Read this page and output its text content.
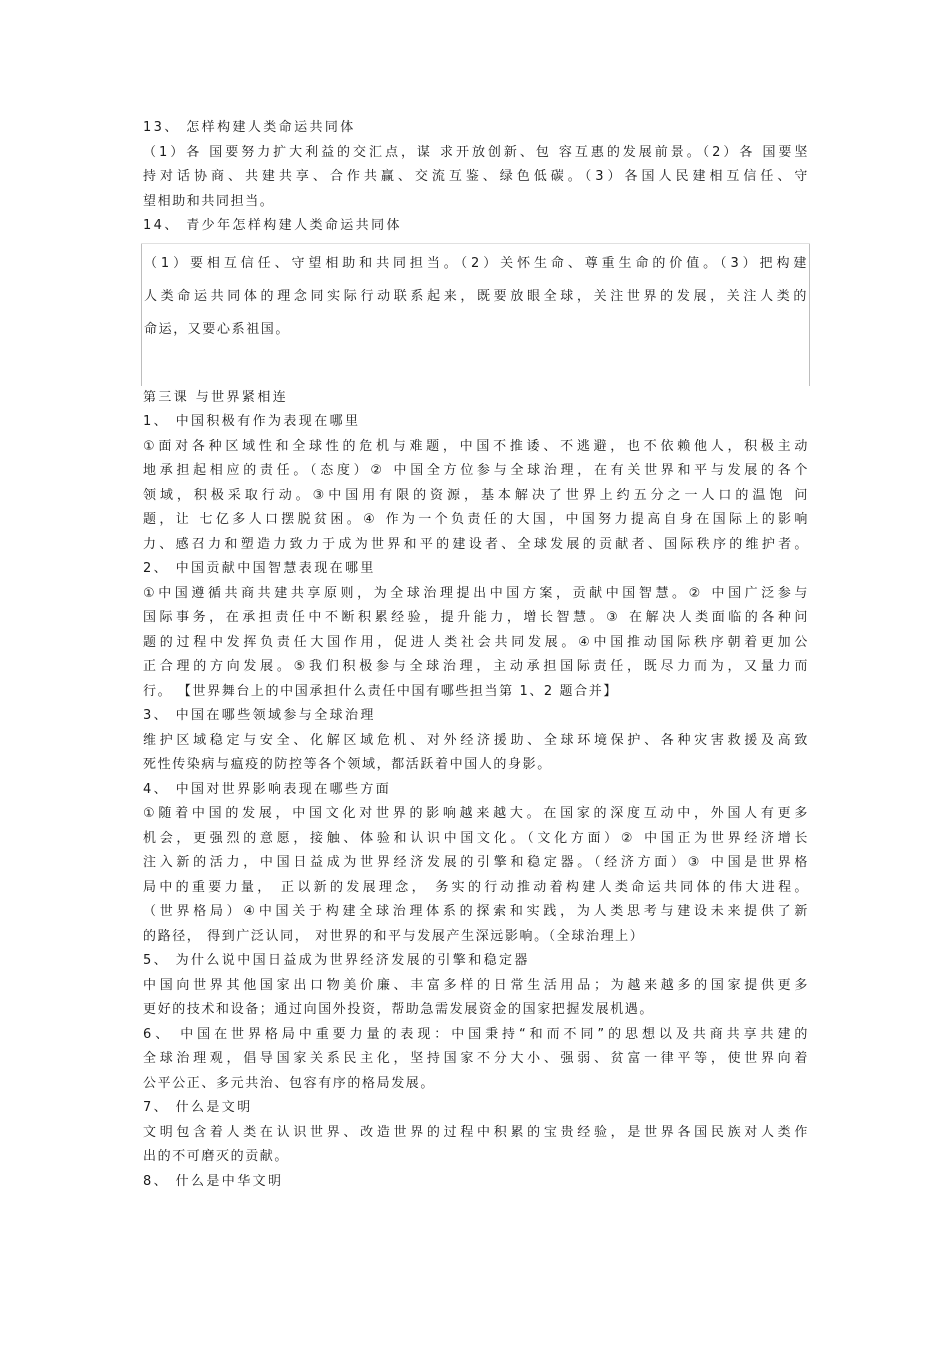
13、 怎样构建人类命运共同体
（1）各 国要努力扩大利益的交汇点，谋 求开放创新、包 容互惠的发展前景。（2）各 国要坚
持对话协商、共建共享、合作共赢、交流互鉴、绿色低碳。（3）各国人民建相互信任、守
望相助和共同担当。
14、 青少年怎样构建人类命运共同体
（1）要相互信任、守望相助和共同担当。（2）关怀生命、尊重生命的价值。（3）把构建
人类命运共同体的理念同实际行动联系起来，既要放眼全球，关注世界的发展，关注人类的
命运，又要心系祖国。
第三课 与世界紧相连
1、 中国积极有作为表现在哪里
①面对各种区域性和全球性的危机与难题，中国不推诿、不逃避，也不依赖他人，积极主动
地承担起相应的责任。（态度）② 中国全方位参与全球治理，在有关世界和平与发展的各个
领域，积极采取行动。③中国用有限的资源，基本解决了世界上约五分之一人口的温饱 问
题，让 七亿多人口摆脱贫困。④ 作为一个负责任的大国，中国努力提高自身在国际上的影响
力、感召力和塑造力致力于成为世界和平的建设者、全球发展的贡献者、国际秩序的维护者。
2、 中国贡献中国智慧表现在哪里
①中国遵循共商共建共享原则，为全球治理提出中国方案，贡献中国智慧。② 中国广泛参与
国际事务，在承担责任中不断积累经验，提升能力，增长智慧。③ 在解决人类面临的各种问
题的过程中发挥负责任大国作用，促进人类社会共同发展。④中国推动国际秩序朝着更加公
正合理的方向发展。⑤我们积极参与全球治理，主动承担国际责任，既尽力而为，又量力而
行。 【世界舞台上的中国承担什么责任中国有哪些担当第 1、2 题合并】
3、 中国在哪些领域参与全球治理
维护区域稳定与安全、化解区域危机、对外经济援助、全球环境保护、各种灾害救援及高致
死性传染病与瘟疫的防控等各个领域，都活跃着中国人的身影。
4、 中国对世界影响表现在哪些方面
①随着中国的发展，中国文化对世界的影响越来越大。在国家的深度互动中，外国人有更多
机会，更强烈的意愿，接触、体验和认识中国文化。（文化方面）② 中国正为世界经济增长
注入新的活力，中国日益成为世界经济发展的引擎和稳定器。（经济方面）③ 中国是世界格
局中的重要力量， 正以新的发展理念， 务实的行动推动着构建人类命运共同体的伟大进程。
（世界格局）④中国关于构建全球治理体系的探索和实践，为人类思考与建设未来提供了新
的路径， 得到广泛认同， 对世界的和平与发展产生深远影响。（全球治理上）
5、 为什么说中国日益成为世界经济发展的引擎和稳定器
中国向世界其他国家出口物美价廉、丰富多样的日常生活用品；为越来越多的国家提供更多
更好的技术和设备；通过向国外投资，帮助急需发展资金的国家把握发展机遇。
6、 中国在世界格局中重要力量的表现：中国秉持“和而不同”的思想以及共商共享共建的
全球治理观，倡导国家关系民主化，坚持国家不分大小、强弱、贫富一律平等，使世界向着
公平公正、多元共治、包容有序的格局发展。
7、 什么是文明
文明包含着人类在认识世界、改造世界的过程中积累的宝贵经验，是世界各国民族对人类作
出的不可磨灭的贡献。
8、 什么是中华文明
